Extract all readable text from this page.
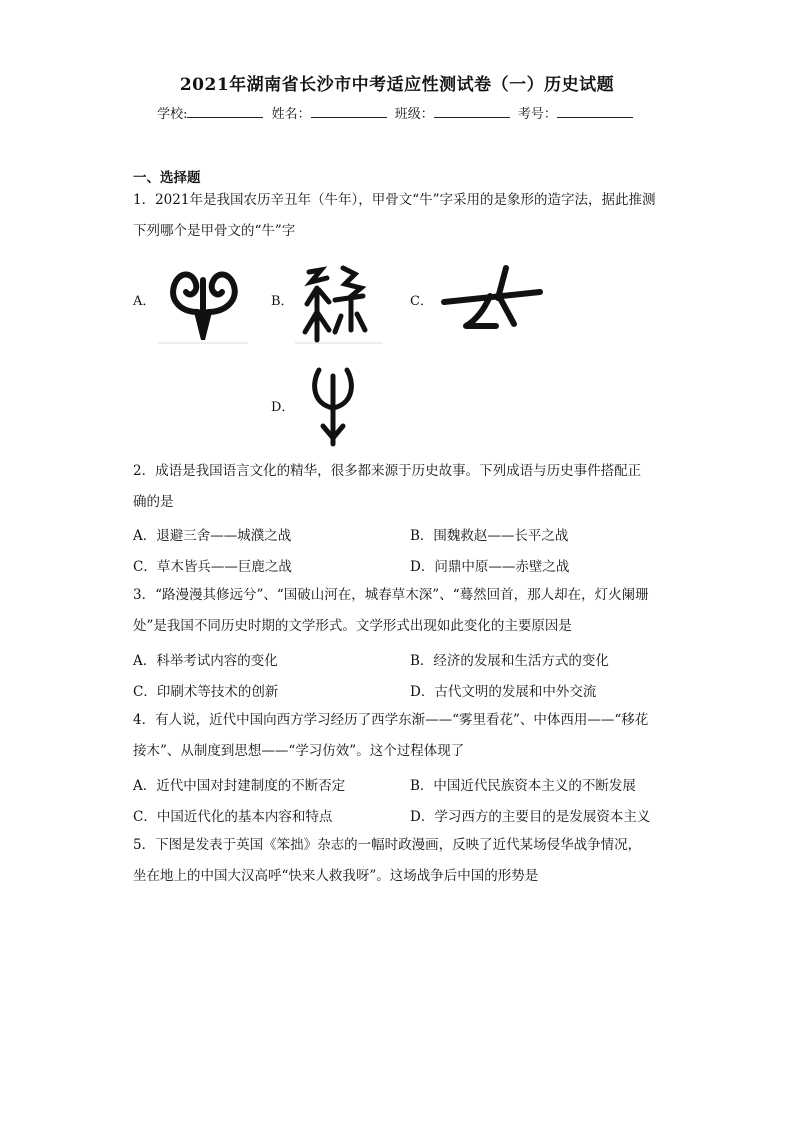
2021年湖南省长沙市中考适应性测试卷（一）历史试题
学校:	姓名：	班级：	考号：
一、选择题
1．2021年是我国农历辛丑年（牛年），甲骨文“牛”字采用的是象形的造字法，据此推测
下列哪个是甲骨文的“牛”字
A．	B．	C．
D．
2．成语是我国语言文化的精华，很多都来源于历史故事。下列成语与历史事件搭配正
确的是
A．退避三舍——城濮之战	B．围魏救赵——长平之战
C．草木皆兵——巨鹿之战	D．问鼎中原——赤壁之战
3．“路漫漫其修远兮”、“国破山河在，城春草木深”、“蓦然回首，那人却在，灯火阑珊
处”是我国不同历史时期的文学形式。文学形式出现如此变化的主要原因是
A．科举考试内容的变化	B．经济的发展和生活方式的变化
C．印刷术等技术的创新	D．古代文明的发展和中外交流
4．有人说，近代中国向西方学习经历了西学东渐——“雾里看花”、中体西用——“移花
接木”、从制度到思想——“学习仿效”。这个过程体现了
A．近代中国对封建制度的不断否定	B．中国近代民族资本主义的不断发展
C．中国近代化的基本内容和特点	D．学习西方的主要目的是发展资本主义
5．下图是发表于英国《笨拙》杂志的一幅时政漫画，反映了近代某场侵华战争情况，
坐在地上的中国大汉高呼“快来人救我呀”。这场战争后中国的形势是
